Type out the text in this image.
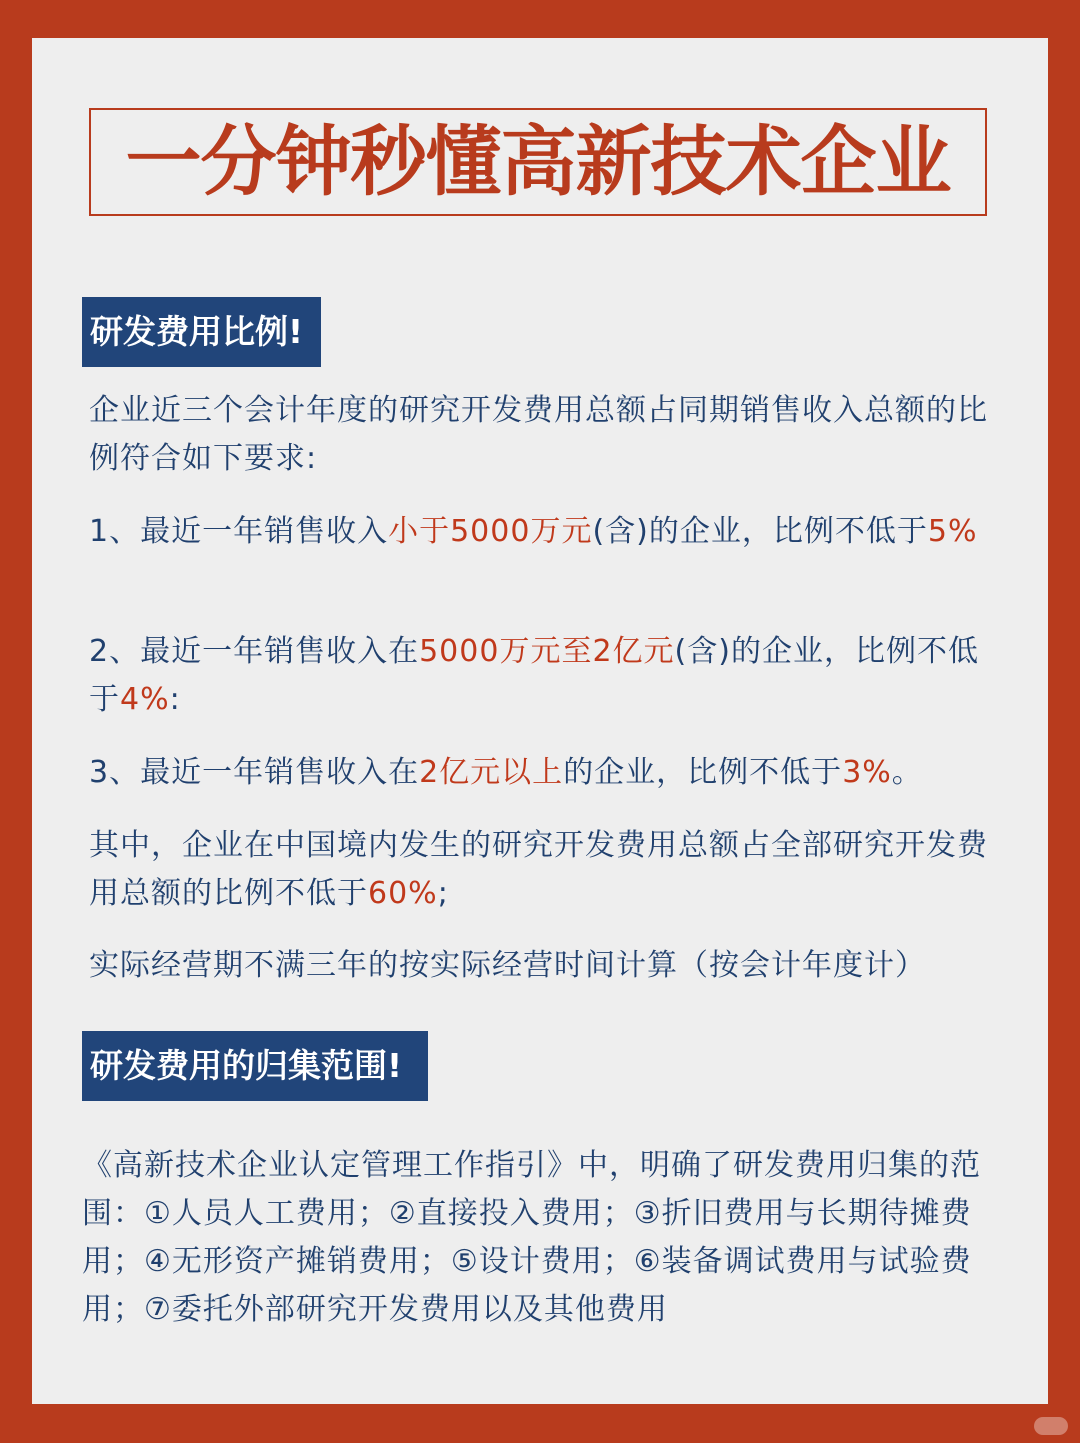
一分钟秒懂高新技术企业
研发费用比例!
企业近三个会计年度的研究开发费用总额占同期销售收入总额的比例符合如下要求:
1、最近一年销售收入小于5000万元(含)的企业，比例不低于5%
2、最近一年销售收入在5000万元至2亿元(含)的企业，比例不低于4%:
3、最近一年销售收入在2亿元以上的企业，比例不低于3%。
其中，企业在中国境内发生的研究开发费用总额占全部研究开发费用总额的比例不低于60%;
实际经营期不满三年的按实际经营时间计算（按会计年度计）
研发费用的归集范围!
《高新技术企业认定管理工作指引》中，明确了研发费用归集的范围：①人员人工费用；②直接投入费用；③折旧费用与长期待摊费用；④无形资产摊销费用；⑤设计费用；⑥装备调试费用与试验费用；⑦委托外部研究开发费用以及其他费用
